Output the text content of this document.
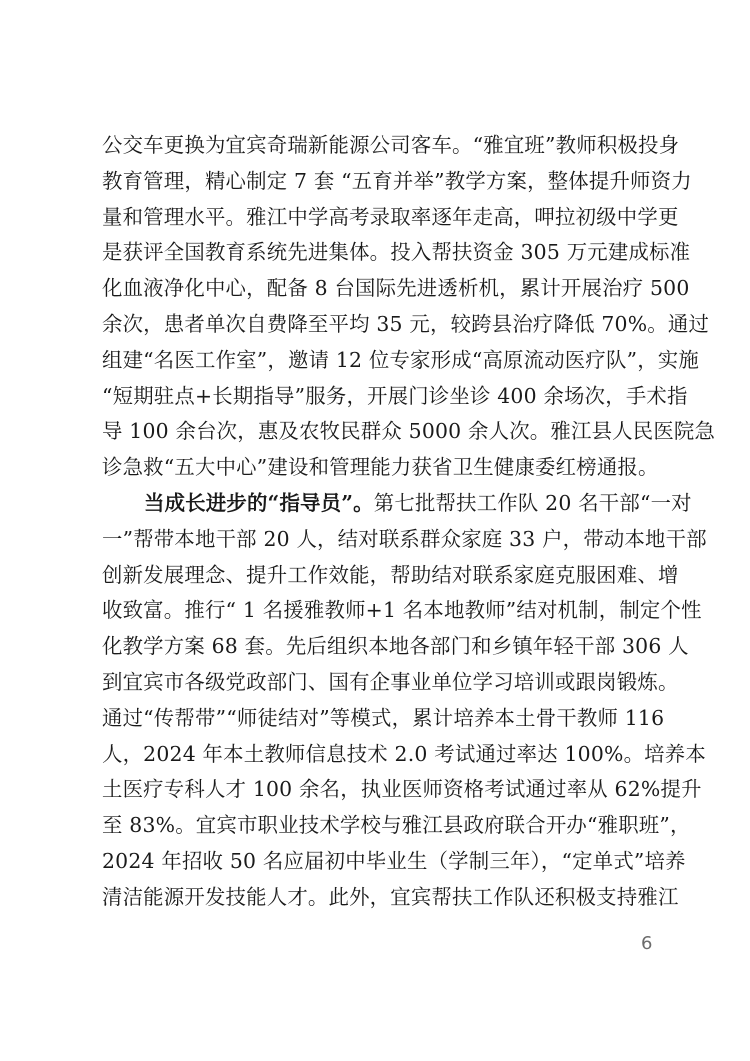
公交车更换为宜宾奇瑞新能源公司客车。“雅宜班”教师积极投身
教育管理，精心制定 7 套 “五育并举”教学方案，整体提升师资力
量和管理水平。雅江中学高考录取率逐年走高，呷拉初级中学更
是获评全国教育系统先进集体。投入帮扶资金 305 万元建成标准
化血液净化中心，配备 8 台国际先进透析机，累计开展治疗 500
余次，患者单次自费降至平均 35 元，较跨县治疗降低 70%。通过
组建“名医工作室”，邀请 12 位专家形成“高原流动医疗队”，实施
“短期驻点+长期指导”服务，开展门诊坐诊 400 余场次，手术指
导 100 余台次，惠及农牧民群众 5000 余人次。雅江县人民医院急
诊急救“五大中心”建设和管理能力获省卫生健康委红榜通报。
当成长进步的“指导员”。第七批帮扶工作队 20 名干部“一对
一”帮带本地干部 20 人，结对联系群众家庭 33 户，带动本地干部
创新发展理念、提升工作效能，帮助结对联系家庭克服困难、增
收致富。推行“ 1 名援雅教师+1 名本地教师”结对机制，制定个性
化教学方案 68 套。先后组织本地各部门和乡镇年轻干部 306 人
到宜宾市各级党政部门、国有企事业单位学习培训或跟岗锻炼。
通过“传帮带”“师徒结对”等模式，累计培养本土骨干教师 116
人，2024 年本土教师信息技术 2.0 考试通过率达 100%。培养本
土医疗专科人才 100 余名，执业医师资格考试通过率从 62%提升
至 83%。宜宾市职业技术学校与雅江县政府联合开办“雅职班”，
2024 年招收 50 名应届初中毕业生（学制三年），“定单式”培养
清洁能源开发技能人才。此外，宜宾帮扶工作队还积极支持雅江
6
